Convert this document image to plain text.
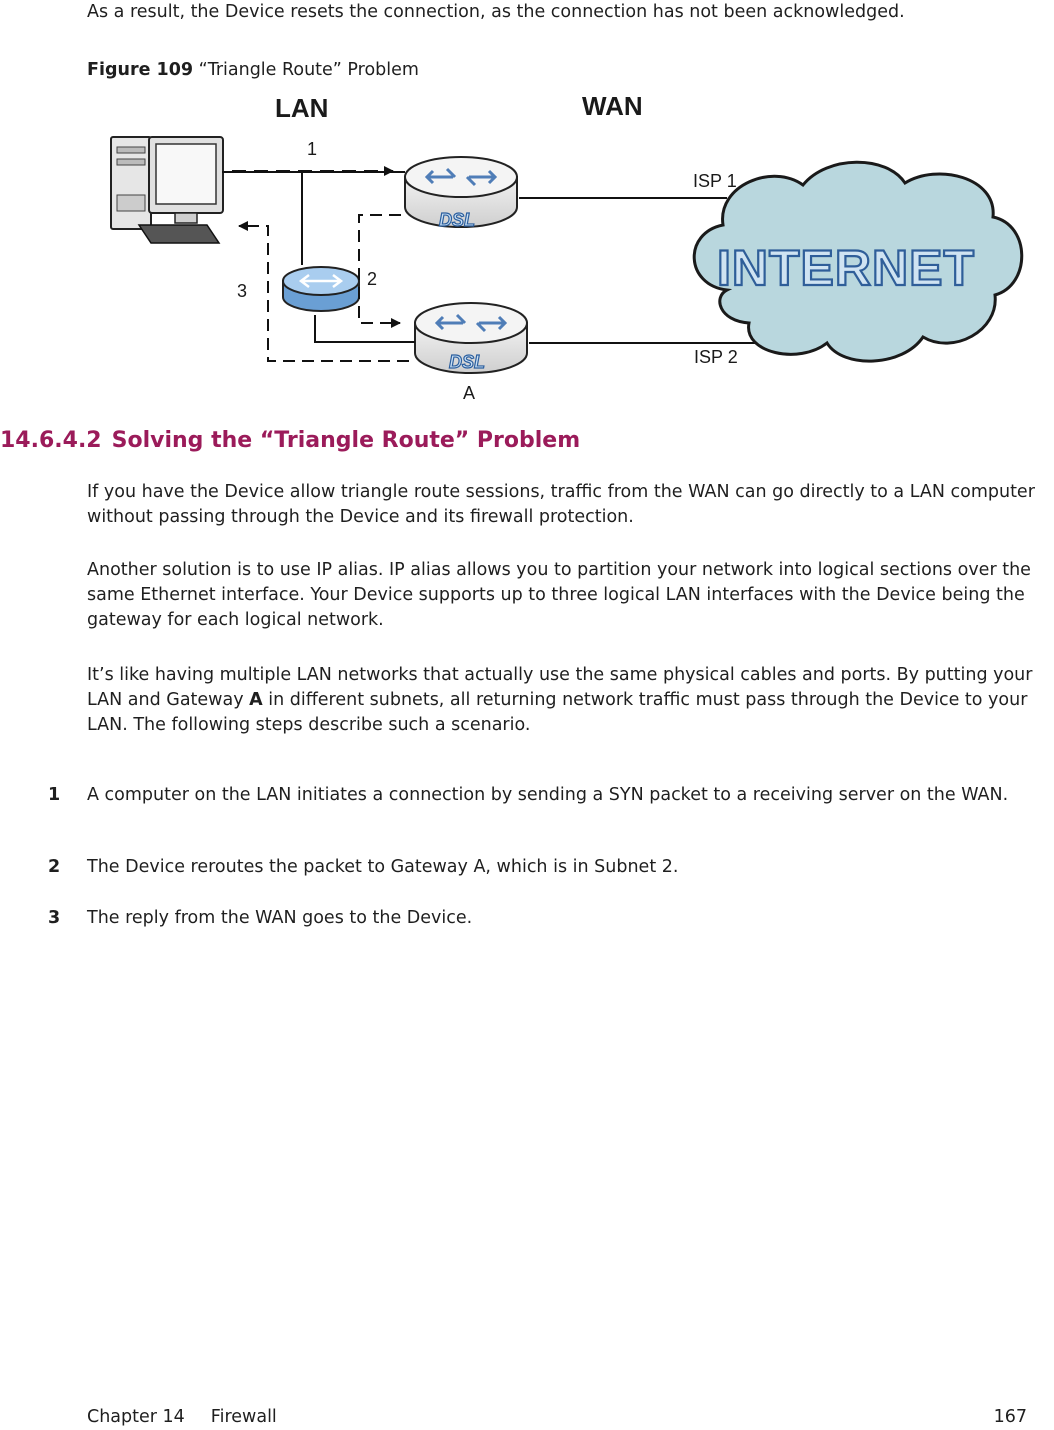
As a result, the Device resets the connection, as the connection has not been acknowledged.

Figure 109 “Triangle Route” Problem
LAN	WAN
DSL
DSL
1
2
3
ISP 1
ISP 2
A
INTERNET
14.6.4.2 Solving the “Triangle Route” Problem

If you have the Device allow triangle route sessions, traffic from the WAN can go directly to a LAN computer without passing through the Device and its firewall protection.

Another solution is to use IP alias. IP alias allows you to partition your network into logical sections over the same Ethernet interface. Your Device supports up to three logical LAN interfaces with the Device being the gateway for each logical network.

It’s like having multiple LAN networks that actually use the same physical cables and ports. By putting your LAN and Gateway A in different subnets, all returning network traffic must pass through the Device to your LAN. The following steps describe such a scenario.

1 A computer on the LAN initiates a connection by sending a SYN packet to a receiving server on the WAN.
2 The Device reroutes the packet to Gateway A, which is in Subnet 2.
3 The reply from the WAN goes to the Device.
Chapter 14 Firewall	167
